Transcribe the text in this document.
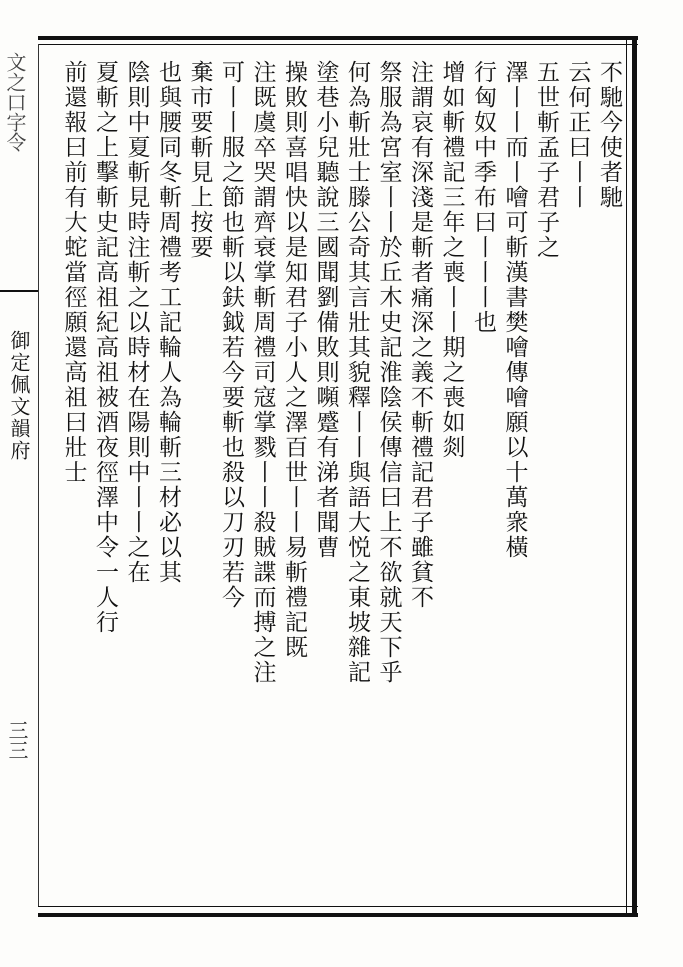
文之口字令
御定佩文韻府
三三
不馳今使者馳
云何正曰丨丨
五世斬孟子君子之
澤丨丨而丨噲可斬漢書樊噲傳噲願以十萬衆橫
行匈奴中季布曰丨丨丨也
增如斬禮記三年之喪丨丨期之喪如剡
注謂哀有深淺是斬者痛深之義不斬禮記君子雖貧不
祭服為宮室丨丨於丘木史記淮陰侯傳信曰上不欲就天下乎
何為斬壯士滕公奇其言壯其貌釋丨丨與語大悦之東坡雜記
塗巷小兒聽說三國聞劉備敗則嚬蹙有涕者聞曹
操敗則喜唱快以是知君子小人之澤百世丨丨易斬禮記既
注既虞卒哭謂齊衰掌斬周禮司寇掌戮丨丨殺賊諜而搏之注
可丨丨服之節也斬以鈇鉞若今要斬也殺以刀刃若今
棄市要斬見上按要
也與腰同冬斬周禮考工記輪人為輪斬三材必以其
陰則中夏斬見時注斬之以時材在陽則中丨丨之在
夏斬之上擊斬史記高祖紀高祖被酒夜徑澤中令一人行
前還報曰前有大蛇當徑願還高祖曰壯士
